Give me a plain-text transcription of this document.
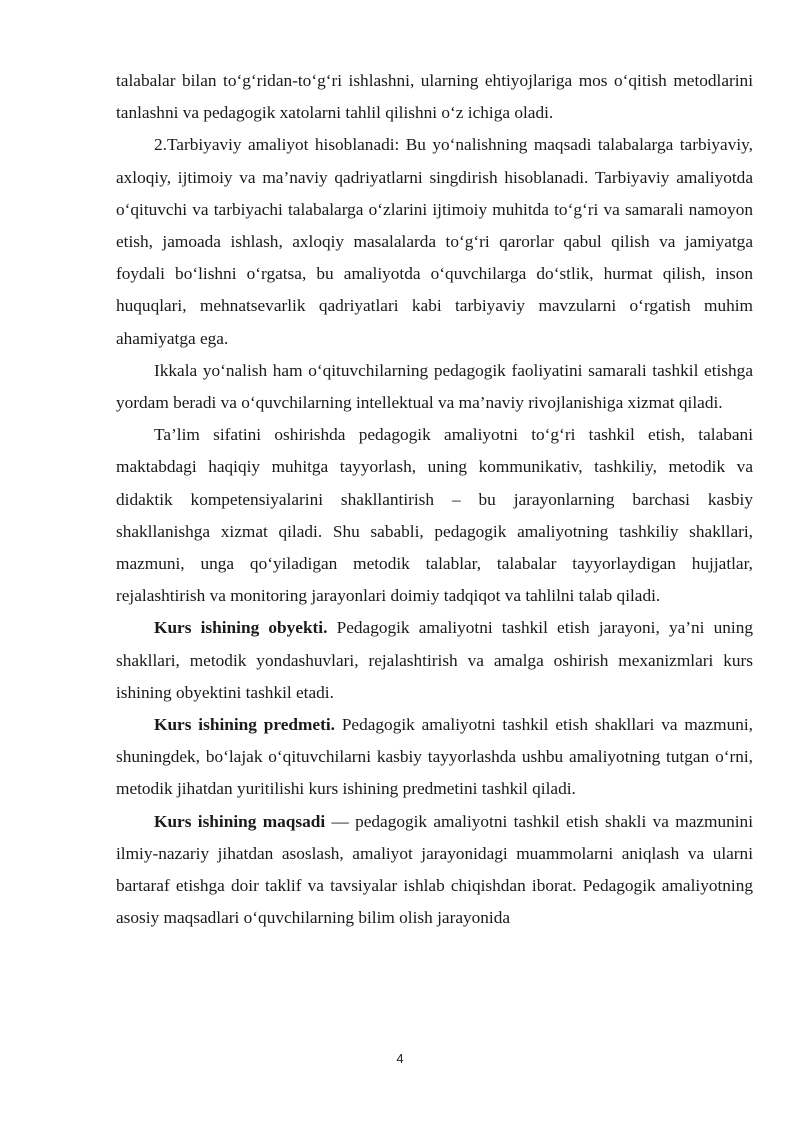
talabalar bilan to‘g‘ridan-to‘g‘ri ishlashni, ularning ehtiyojlariga mos o‘qitish metodlarini tanlashni va pedagogik xatolarni tahlil qilishni o‘z ichiga oladi.

2.Tarbiyaviy amaliyot hisoblanadi: Bu yo‘nalishning maqsadi talabalarga tarbiyaviy, axloqiy, ijtimoiy va ma’naviy qadriyatlarni singdirish hisoblanadi. Tarbiyaviy amaliyotda o‘qituvchi va tarbiyachi talabalarga o‘zlarini ijtimoiy muhitda to‘g‘ri va samarali namoyon etish, jamoada ishlash, axloqiy masalalarda to‘g‘ri qarorlar qabul qilish va jamiyatga foydali bo‘lishni o‘rgatsa, bu amaliyotda o‘quvchilarga do‘stlik, hurmat qilish, inson huquqlari, mehnatsevarlik qadriyatlari kabi tarbiyaviy mavzularni o‘rgatish muhim ahamiyatga ega.

Ikkala yo‘nalish ham o‘qituvchilarning pedagogik faoliyatini samarali tashkil etishga yordam beradi va o‘quvchilarning intellektual va ma’naviy rivojlanishiga xizmat qiladi.

Ta’lim sifatini oshirishda pedagogik amaliyotni to‘g‘ri tashkil etish, talabani maktabdagi haqiqiy muhitga tayyorlash, uning kommunikativ, tashkiliy, metodik va didaktik kompetensiyalarini shakllantirish – bu jarayonlarning barchasi kasbiy shakllanishga xizmat qiladi. Shu sababli, pedagogik amaliyotning tashkiliy shakllari, mazmuni, unga qo‘yiladigan metodik talablar, talabalar tayyorlaydigan hujjatlar, rejalashtirish va monitoring jarayonlari doimiy tadqiqot va tahlilni talab qiladi.

Kurs ishining obyekti. Pedagogik amaliyotni tashkil etish jarayoni, ya’ni uning shakllari, metodik yondashuvlari, rejalashtirish va amalga oshirish mexanizmlari kurs ishining obyektini tashkil etadi.

Kurs ishining predmeti. Pedagogik amaliyotni tashkil etish shakllari va mazmuni, shuningdek, bo‘lajak o‘qituvchilarni kasbiy tayyorlashda ushbu amaliyotning tutgan o‘rni, metodik jihatdan yuritilishi kurs ishining predmetini tashkil qiladi.

Kurs ishining maqsadi — pedagogik amaliyotni tashkil etish shakli va mazmunini ilmiy-nazariy jihatdan asoslash, amaliyot jarayonidagi muammolarni aniqlash va ularni bartaraf etishga doir taklif va tavsiyalar ishlab chiqishdan iborat. Pedagogik amaliyotning asosiy maqsadlari o‘quvchilarning bilim olish jarayonida

4
